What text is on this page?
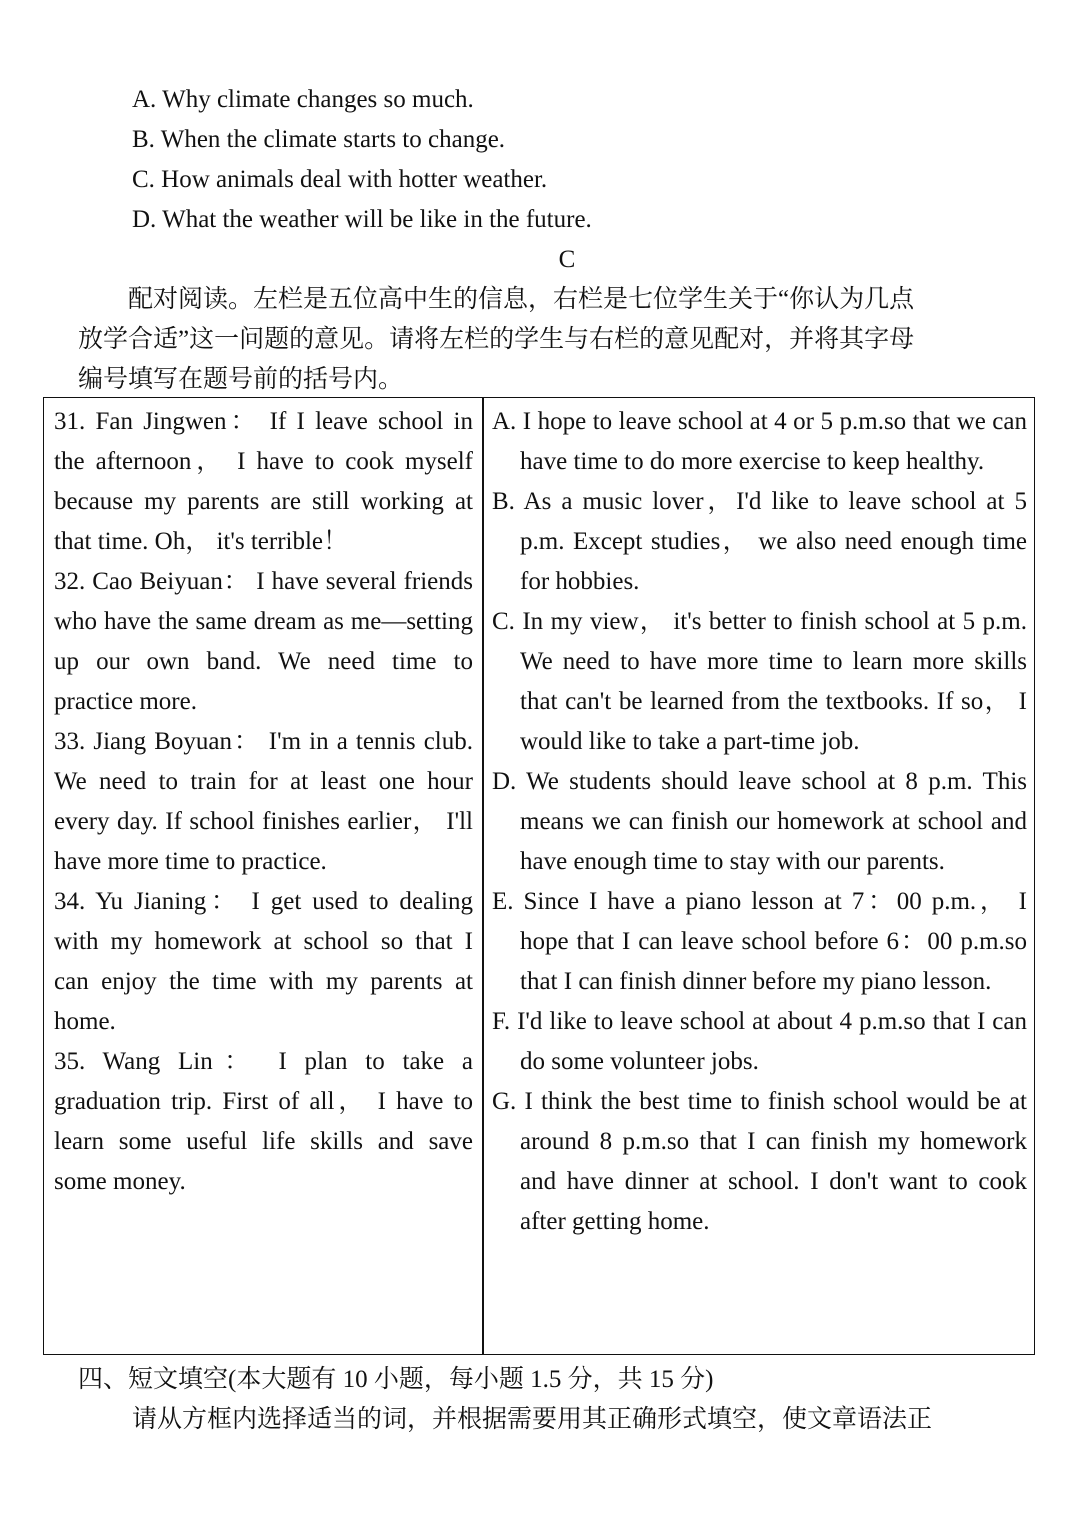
A. Why climate changes so much.
B. When the climate starts to change.
C. How animals deal with hotter weather.
D. What the weather will be like in the future.
C
　　配对阅读。左栏是五位高中生的信息，右栏是七位学生关于“你认为几点
放学合适”这一问题的意见。请将左栏的学生与右栏的意见配对，并将其字母
编号填写在题号前的括号内。
31. Fan Jingwen： If I leave school in the afternoon， I have to cook myself because my parents are still working at that time. Oh， it's terrible！
32. Cao Beiyuan： I have several friends who have the same dream as me—setting up our own band. We need time to practice more.
33. Jiang Boyuan： I'm in a tennis club. We need to train for at least one hour every day. If school finishes earlier， I'll have more time to practice.
34. Yu Jianing： I get used to dealing with my homework at school so that I can enjoy the time with my parents at home.
35. Wang Lin： I plan to take a graduation trip. First of all， I have to learn some useful life skills and save some money.
A. I hope to leave school at 4 or 5 p.m.so that we can have time to do more exercise to keep healthy.
B. As a music lover，I'd like to leave school at 5 p.m. Except studies， we also need enough time for hobbies.
C. In my view， it's better to finish school at 5 p.m. We need to have more time to learn more skills that can't be learned from the textbooks. If so， I would like to take a part-time job.
D. We students should leave school at 8 p.m. This means we can finish our homework at school and have enough time to stay with our parents.
E. Since I have a piano lesson at 7：00 p.m.， I hope that I can leave school before 6：00 p.m.so that I can finish dinner before my piano lesson.
F. I'd like to leave school at about 4 p.m.so that I can do some volunteer jobs.
G. I think the best time to finish school would be at around 8 p.m.so that I can finish my homework and have dinner at school. I don't want to cook after getting home.
四、短文填空(本大题有 10 小题，每小题 1.5 分，共 15 分)
请从方框内选择适当的词，并根据需要用其正确形式填空，使文章语法正
